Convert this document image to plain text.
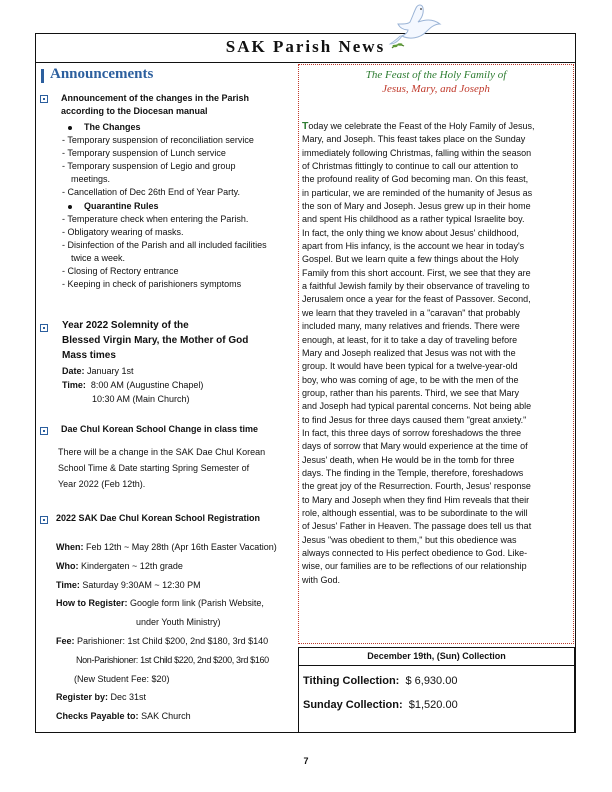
SAK Parish News
Announcements
Announcement of the changes in the Parish
according to the Diocesan manual
The Changes
- Temporary suspension of reconciliation service
- Temporary suspension of Lunch service
- Temporary suspension of Legio and group
meetings.
- Cancellation of Dec 26th End of Year Party.
Quarantine Rules
- Temperature check when entering the Parish.
- Obligatory wearing of masks.
- Disinfection of the Parish and all included facilities
twice a week.
- Closing of Rectory entrance
- Keeping in check of parishioners symptoms
Year 2022 Solemnity of the
Blessed Virgin Mary, the Mother of God
Mass times
Date: January 1st
Time: 8:00 AM (Augustine Chapel)
10:30 AM (Main Church)
Dae Chul Korean School Change in class time
There will be a change in the SAK Dae Chul Korean
School Time & Date starting Spring Semester of
Year 2022 (Feb 12th).
2022 SAK Dae Chul Korean School Registration
When: Feb 12th ~ May 28th (Apr 16th Easter Vacation)
Who: Kindergaten ~ 12th grade
Time: Saturday 9:30AM ~ 12:30 PM
How to Register: Google form link (Parish Website,
under Youth Ministry)
Fee: Parishioner: 1st Child $200, 2nd $180, 3rd $140
Non-Parishioner: 1st Child $220, 2nd $200, 3rd $160
(New Student Fee: $20)
Register by: Dec 31st
Checks Payable to: SAK Church
The Feast of the Holy Family of
Jesus, Mary, and Joseph
Today we celebrate the Feast of the Holy Family of Jesus,
Mary, and Joseph. This feast takes place on the Sunday
immediately following Christmas, falling within the season
of Christmas fittingly to continue to call our attention to
the profound reality of God becoming man. On this feast,
in particular, we are reminded of the humanity of Jesus as
the son of Mary and Joseph. Jesus grew up in their home
and spent His childhood as a rather typical Israelite boy.
In fact, the only thing we know about Jesus' childhood,
apart from His infancy, is the account we hear in today's
Gospel. But we learn quite a few things about the Holy
Family from this short account. First, we see that they are
a faithful Jewish family by their observance of traveling to
Jerusalem once a year for the feast of Passover. Second,
we learn that they traveled in a "caravan" that probably
included many, many relatives and friends. There were
enough, at least, for it to take a day of traveling before
Mary and Joseph realized that Jesus was not with the
group. It would have been typical for a twelve-year-old
boy, who was coming of age, to be with the men of the
group, rather than his parents. Third, we see that Mary
and Joseph had typical parental concerns. Not being able
to find Jesus for three days caused them "great anxiety."
In fact, this three days of sorrow foreshadows the three
days of sorrow that Mary would experience at the time of
Jesus' death, when He would be in the tomb for three
days. The finding in the Temple, therefore, foreshadows
the great joy of the Resurrection. Fourth, Jesus' response
to Mary and Joseph when they find Him reveals that their
role, although essential, was to be subordinate to the will
of Jesus' Father in Heaven. The passage does tell us that
Jesus "was obedient to them," but this obedience was
always connected to His perfect obedience to God. Like-
wise, our families are to be reflections of our relationship
with God.
December 19th, (Sun) Collection
Tithing Collection: $ 6,930.00
Sunday Collection: $1,520.00
7
